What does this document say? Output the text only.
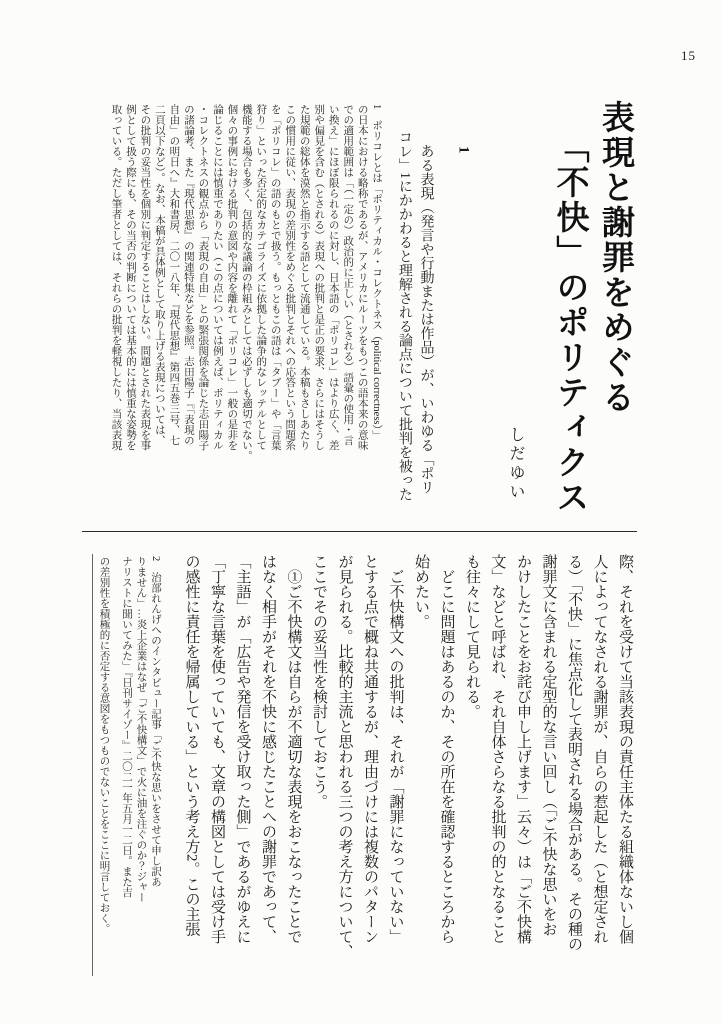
15
表現と謝罪をめぐる
「不快」のポリティクス
しだゆい
1
　ある表現（発言や行動または作品）が、いわゆる「ポリ
コレ」1にかかわると理解される論点について批判を被った
1　ポリコレとは「ポリティカル・コレクトネス（political correctness）」
の日本における略称であるが、アメリカにルーツをもつこの語本来の意味
での適用範囲は「（一定の）政治的に正しい（とされる）語彙の使用・言
い換え」にほぼ限られるのに対し、日本語の「ポリコレ」はより広く、差
別や偏見を含む（とされる）表現への批判と是正の要求、さらにはそうし
た規範の総体を漠然と指示する語として流通している。本稿もさしあたり
この慣用に従い、表現の差別性をめぐる批判とそれへの応答という問題系
を「ポリコレ」の語のもとで扱う。もっともこの語は「タブー」や「言葉
狩り」といった否定的なカテゴライズに依拠した論争的なレッテルとして
機能する場合も多く、包括的な議論の枠組みとしては必ずしも適切でない。
個々の事例における批判の意図や内容を離れて「ポリコレ」一般の是非を
論じることには慎重でありたい（この点については例えば、ポリティカル
・コレクトネスの観点から「表現の自由」との緊張関係を論じた志田陽子
の諸論考、また『現代思想』の関連特集などを参照。志田陽子『「表現の
自由」の明日へ』大和書房、二〇一八年、『現代思想』第四五巻三号、七
二頁以下など）。なお、本稿が具体例として取り上げる表現については、
その批判の妥当性を個別に判定することはしない。問題とされた表現を事
例として扱う際にも、その当否の判断については基本的には慎重な姿勢を
取っている。ただし筆者としては、それらの批判を軽視したり、当該表現
際、それを受けて当該表現の責任主体たる組織体ないし個
人によってなされる謝罪が、自らの惹起した（と想定され
る）「不快」に焦点化して表明される場合がある。その種の
謝罪文に含まれる定型的な言い回し（「ご不快な思いをお
かけしたことをお詫び申し上げます」云々）は「ご不快構
文」などと呼ばれ、それ自体さらなる批判の的となること
も往々にして見られる。
　どこに問題はあるのか、その所在を確認するところから
始めたい。
　ご不快構文への批判は、それが「謝罪になっていない」
とする点で概ね共通するが、理由づけには複数のパターン
が見られる。比較的主流と思われる三つの考え方について、
ここでその妥当性を検討しておこう。
　①ご不快構文は自らが不適切な表現をおこなったことで
はなく相手がそれを不快に感じたことへの謝罪であって、
「主語」が「広告や発信を受け取った側」であるがゆえに
「丁寧な言葉を使っていても、文章の構図としては受け手
の感性に責任を帰属している」という考え方2。この主張
2　治部れんげへのインタビュー記事「ご不快な思いをさせて申し訳あ
りません」…炎上企業はなぜ「ご不快構文」で火に油を注ぐのか？ジャー
ナリストに聞いてみた」『日刊サイゾー』二〇二一年五月一二日。また吉
の差別性を積極的に否定する意図をもつものでないことをここに明言しておく。
